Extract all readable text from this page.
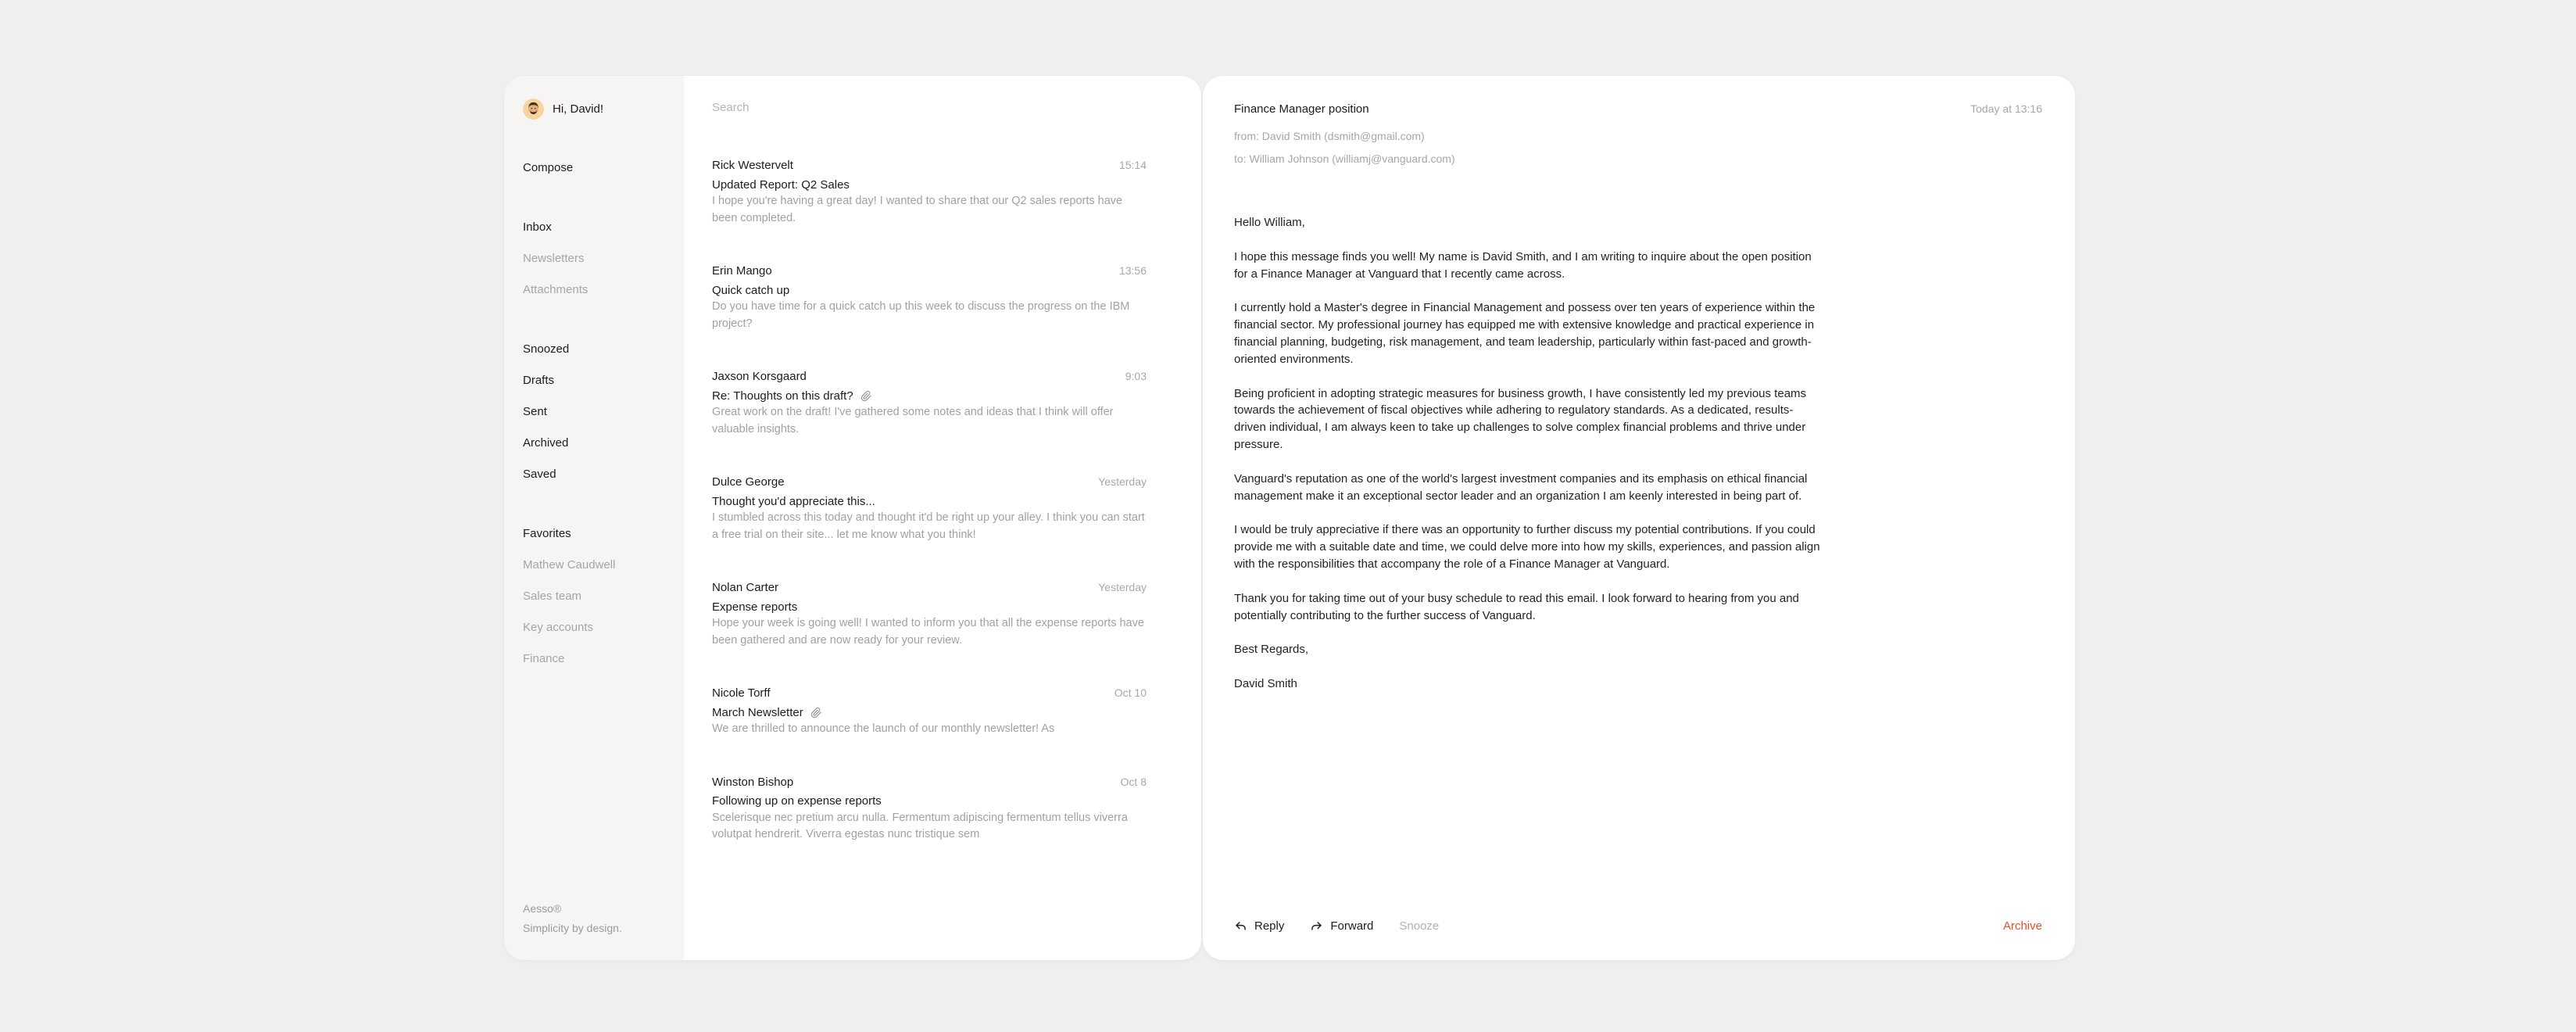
Hi, David!
Compose
Inbox
Newsletters
Attachments
Snoozed
Drafts
Sent
Archived
Saved
Favorites
Mathew Caudwell
Sales team
Key accounts
Finance
Aesso®
Simplicity by design.
Search
Rick Westervelt	15:14
Updated Report: Q2 Sales
I hope you're having a great day! I wanted to share that our Q2 sales reports have been completed.
Erin Mango	13:56
Quick catch up
Do you have time for a quick catch up this week to discuss the progress on the IBM project?
Jaxson Korsgaard	9:03
Re: Thoughts on this draft?
Great work on the draft! I've gathered some notes and ideas that I think will offer valuable insights.
Dulce George	Yesterday
Thought you'd appreciate this...
I stumbled across this today and thought it'd be right up your alley. I think you can start a free trial on their site... let me know what you think!
Nolan Carter	Yesterday
Expense reports
Hope your week is going well! I wanted to inform you that all the expense reports have been gathered and are now ready for your review.
Nicole Torff	Oct 10
March Newsletter
We are thrilled to announce the launch of our monthly newsletter! As
Winston Bishop	Oct 8
Following up on expense reports
Scelerisque nec pretium arcu nulla. Fermentum adipiscing fermentum tellus viverra volutpat hendrerit. Viverra egestas nunc tristique sem
Finance Manager position	Today at 13:16
from: David Smith (dsmith@gmail.com)
to: William Johnson (williamj@vanguard.com)

Hello William,

I hope this message finds you well! My name is David Smith, and I am writing to inquire about the open position for a Finance Manager at Vanguard that I recently came across.

I currently hold a Master's degree in Financial Management and possess over ten years of experience within the financial sector. My professional journey has equipped me with extensive knowledge and practical experience in financial planning, budgeting, risk management, and team leadership, particularly within fast-paced and growth-oriented environments.

Being proficient in adopting strategic measures for business growth, I have consistently led my previous teams towards the achievement of fiscal objectives while adhering to regulatory standards. As a dedicated, results-driven individual, I am always keen to take up challenges to solve complex financial problems and thrive under pressure.

Vanguard's reputation as one of the world's largest investment companies and its emphasis on ethical financial management make it an exceptional sector leader and an organization I am keenly interested in being part of.

I would be truly appreciative if there was an opportunity to further discuss my potential contributions. If you could provide me with a suitable date and time, we could delve more into how my skills, experiences, and passion align with the responsibilities that accompany the role of a Finance Manager at Vanguard.

Thank you for taking time out of your busy schedule to read this email. I look forward to hearing from you and potentially contributing to the further success of Vanguard.

Best Regards,

David Smith

Reply	Forward Snooze	Archive
